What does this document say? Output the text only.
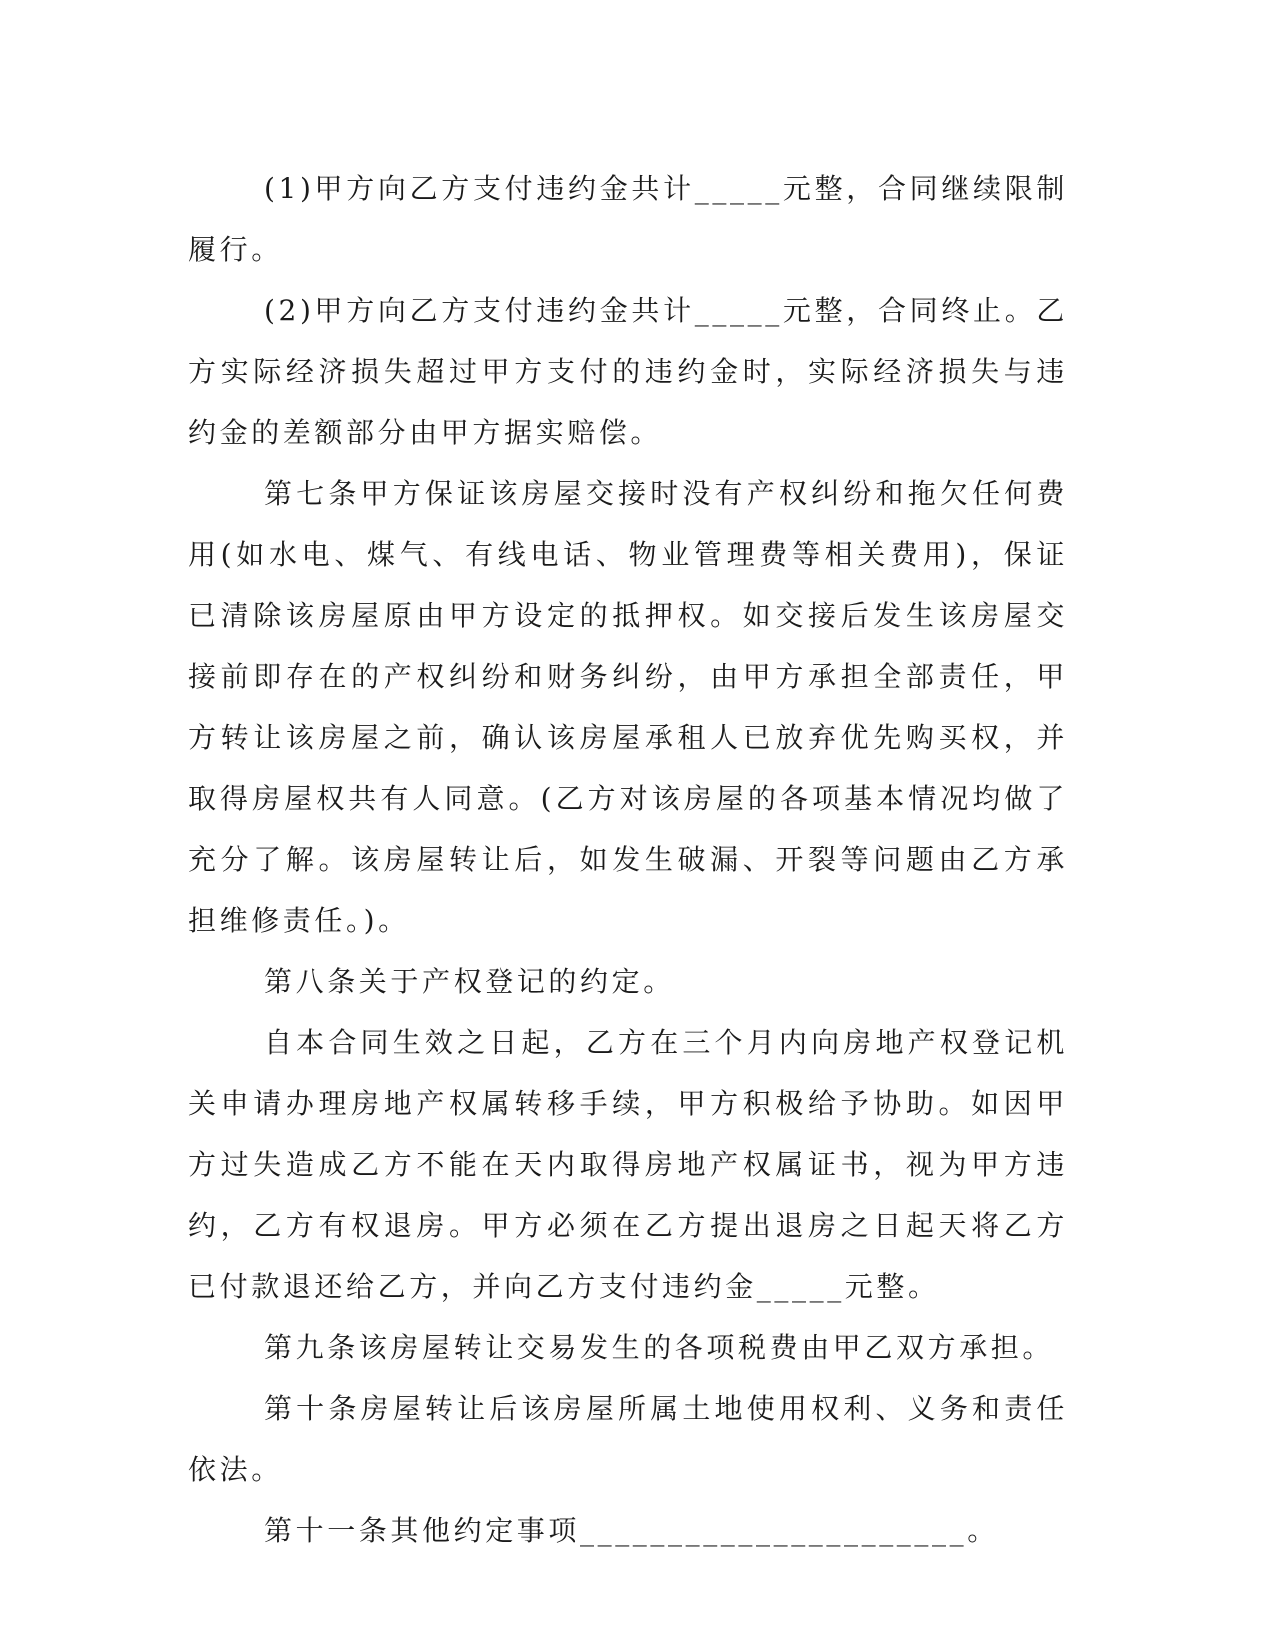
(1)甲方向乙方支付违约金共计_____元整，合同继续限制履行。

(2)甲方向乙方支付违约金共计_____元整，合同终止。乙方实际经济损失超过甲方支付的违约金时，实际经济损失与违约金的差额部分由甲方据实赔偿。

第七条甲方保证该房屋交接时没有产权纠纷和拖欠任何费用(如水电、煤气、有线电话、物业管理费等相关费用)，保证已清除该房屋原由甲方设定的抵押权。如交接后发生该房屋交接前即存在的产权纠纷和财务纠纷，由甲方承担全部责任，甲方转让该房屋之前，确认该房屋承租人已放弃优先购买权，并取得房屋权共有人同意。(乙方对该房屋的各项基本情况均做了充分了解。该房屋转让后，如发生破漏、开裂等问题由乙方承担维修责任。)。

第八条关于产权登记的约定。

自本合同生效之日起，乙方在三个月内向房地产权登记机关申请办理房地产权属转移手续，甲方积极给予协助。如因甲方过失造成乙方不能在天内取得房地产权属证书，视为甲方违约，乙方有权退房。甲方必须在乙方提出退房之日起天将乙方已付款退还给乙方，并向乙方支付违约金_____元整。

第九条该房屋转让交易发生的各项税费由甲乙双方承担。

第十条房屋转让后该房屋所属土地使用权利、义务和责任依法。

第十一条其他约定事项______________________。
